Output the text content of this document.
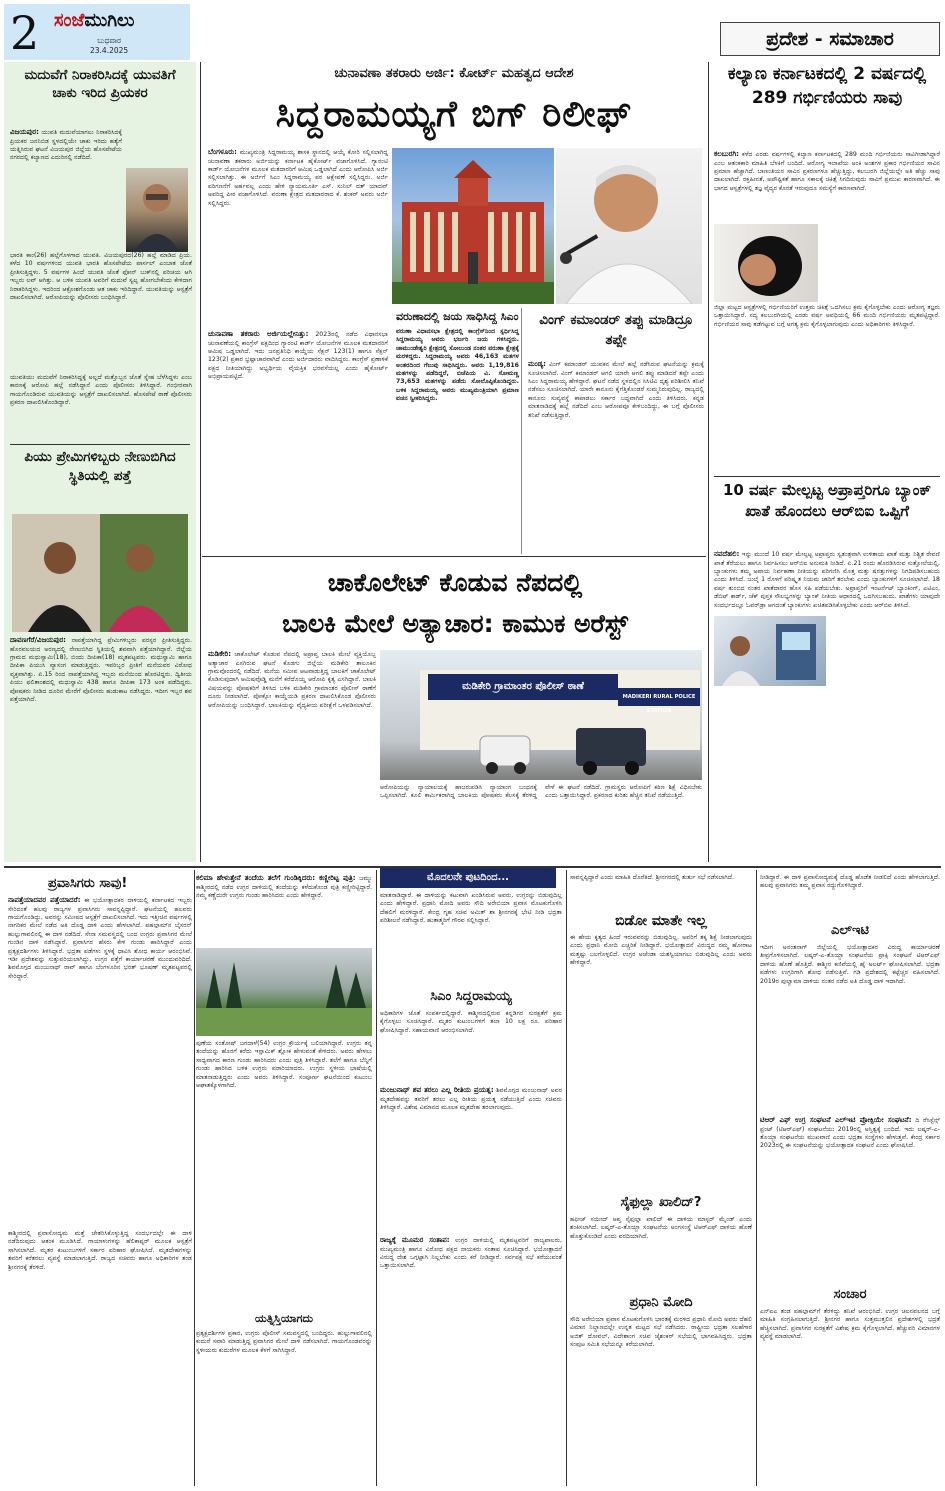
2 ಸಂಜೆಮುಗಿಲು
ಬುಧವಾರ
23.4.2025
ಪ್ರದೇಶ - ಸಮಾಚಾರ
ಮದುವೆಗೆ ನಿರಾಕರಿಸಿದಕ್ಕೆ ಯುವತಿಗೆ ಚಾಕು ಇರಿದ ಪ್ರಿಯಕರ
ವಿಜಯಪುರ: ಯುವತಿ ಮದುವೆಯಾಗಲು ನಿರಾಕರಿಸಿದಕ್ಕೆ ಪ್ರಿಯಕರ ಜನನಿಬಿಡ ಸ್ಥಳದಲ್ಲಿಯೇ ಚಾಕು ಇರಿದು ಹತ್ಯೆಗೆ ಯತ್ನಿಸಿರುವ ಘಟನೆ ವಿಜಯಪುರ ಜಿಲ್ಲೆಯ ಹೊಸಪೇಟೆಯ ನಗರದಲ್ಲಿ ಕಲ್ಯಾಣದ ಎದುರಿನಲ್ಲಿ ನಡೆದಿದೆ.
ಭಾರತಿ ಕಾಂ(26) ಹಲ್ಲೆಗೊಳಗಾದ ಯುವತಿ. ವಿಜಯಪುರದ(26) ಹಲ್ಲೆ ಮಾಡಿದ ಪ್ರಿಯ. ಕಳೆದ 10 ವರ್ಷಗಳಿಂದ ಯುವತಿ ಭಾರತಿ ಹೊಸಪೇಟೆಯ ಪಾರ್ಸಲ್ ಎಂಬಾತ ಜೊತೆ ಪ್ರೀತಿಸುತ್ತಿದ್ದಳು. 5 ವರ್ಷಗಳ ಹಿಂದೆ ಯುವತಿ ಜೊತೆ ಫೋನ್ ಬುಕ್‌ನಲ್ಲಿ ಪರಿಚಯ ಆಗಿ ಇಬ್ಬರು ಲವ್ ಆಗಿತ್ತು. ಆ ಬಳಿಕ ಯುವತಿ ಅವರಿಗೆ ಮದುವೆ ಸ್ವಲ್ಪ ಹೋಗಬೇಕೆಂದು ಕೇಳಿದಾಗ ನಿರಾಕರಿಸಿದ್ದಳು. ಇದರಿಂದ ಆಕ್ರೋಶಗೊಂಡು ಆತ ಚಾಕು ಇರಿದಿದ್ದಾನೆ. ಯುವತಿಯನ್ನು ಆಸ್ಪತ್ರೆಗೆ ದಾಖಲಿಸಲಾಗಿದೆ. ಆರೋಪಿಯನ್ನು ಪೊಲೀಸರು ಬಂಧಿಸಿದ್ದಾರೆ.
ಯುವತಿಯು ಮದುವೆಗೆ ನಿರಾಕರಿಸಿದ್ದಕ್ಕೆ ಅಲ್ಲದೆ ಮತ್ತೊಬ್ಬನ ಜೊತೆ ಸ್ನೇಹ ಬೆಳೆಸಿದ್ದಳು ಎಂಬ ಕಾರಣಕ್ಕೆ ಆರೋಪಿ ಹಲ್ಲೆ ನಡೆಸಿದ್ದಾನೆ ಎಂದು ಪೊಲೀಸರು ತಿಳಿಸಿದ್ದಾರೆ. ಗಂಭೀರವಾಗಿ ಗಾಯಗೊಂಡಿರುವ ಯುವತಿಯನ್ನು ಆಸ್ಪತ್ರೆಗೆ ದಾಖಲಿಸಲಾಗಿದೆ. ಹೊಸಪೇಟೆ ಠಾಣೆ ಪೊಲೀಸರು ಪ್ರಕರಣ ದಾಖಲಿಸಿಕೊಂಡಿದ್ದಾರೆ.
ಪಿಯು ಪ್ರೇಮಿಗಳಿಬ್ಬರು ನೇಣುಬಿಗಿದ ಸ್ಥಿತಿಯಲ್ಲಿ ಪತ್ತೆ
ದಾವಣಗೆರೆ/ವಿಜಯಪುರ: ನಾಪತ್ತೆಯಾಗಿದ್ದ ಪ್ರೇಮಿಗಳಿಬ್ಬರು ಪರಸ್ಪರ ಪ್ರೀತಿಸುತ್ತಿದ್ದರು. ಹೊರವಲಯದ ಅರಣ್ಯದಲ್ಲಿ ನೇಣುಬಿಗಿದ ಸ್ಥಿತಿಯಲ್ಲಿ ಶವವಾಗಿ ಪತ್ತೆಯಾಗಿದ್ದಾರೆ. ಜಿಲ್ಲೆಯ ಗ್ರಾಮದ ಮಧುಸ್ವಾಮಿ(18), ಬಿಂದು ದೀಪಿಕಾ(18) ಮೃತಪಟ್ಟವರು. ಮಧುಸ್ವಾಮಿ ಹಾಗೂ ದೀಪಿಕಾ ಪಿಯುಸಿ ವ್ಯಾಸಂಗ ಮಾಡುತ್ತಿದ್ದರು. ಇವರಿಬ್ಬರ ಪ್ರೀತಿಗೆ ಮನೆಯವರ ವಿರೋಧ ವ್ಯಕ್ತವಾಗಿತ್ತು. ಏ.15 ರಿಂದ ನಾಪತ್ತೆಯಾಗಿದ್ದ ಇಬ್ಬರು ಮನೆಯಿಂದ ಹೊರಟಿದ್ದರು. ದ್ವಿತೀಯ ಪಿಯು ಫಲಿತಾಂಶದಲ್ಲಿ ಮಧುಸ್ವಾಮಿ 438 ಹಾಗೂ ದೀಪಿಕಾ 173 ಅಂಕ ಪಡೆದಿದ್ದರು. ಪೋಷಕರು ನೀಡಿದ ದೂರಿನ ಮೇರೆಗೆ ಪೊಲೀಸರು ಹುಡುಕಾಟ ನಡೆಸಿದ್ದರು. ಇದೀಗ ಇಬ್ಬರ ಶವ ಪತ್ತೆಯಾಗಿದೆ.
ಚುನಾವಣಾ ತಕರಾರು ಅರ್ಜಿ: ಕೋರ್ಟ್ ಮಹತ್ವದ ಆದೇಶ
ಸಿದ್ದರಾಮಯ್ಯಗೆ ಬಿಗ್ ರಿಲೀಫ್
ಬೆಂಗಳೂರು: ಮುಖ್ಯಮಂತ್ರಿ ಸಿದ್ದರಾಮಯ್ಯ ಶಾಸಕ ಸ್ಥಾನದಲ್ಲಿ ಆಯ್ಕೆ ಕೋರಿ ಸಲ್ಲಿಸಲಾಗಿದ್ದ ಚುನಾವಣಾ ತಕರಾರು ಅರ್ಜಿಯನ್ನು ಕರ್ನಾಟಕ ಹೈಕೋರ್ಟ್ ವಜಾಗೊಳಿಸಿದೆ. ಗ್ಯಾರಂಟಿ ಕಾರ್ಡ್ ಯೋಜನೆಗಳ ಮೂಲಕ ಮತದಾರರಿಗೆ ಆಮಿಷ ಒಡ್ಡಲಾಗಿದೆ ಎಂದು ಆರೋಪಿಸಿ ಅರ್ಜಿ ಸಲ್ಲಿಸಲಾಗಿತ್ತು. ಈ ಅರ್ಜಿಗೆ ಸಿಎಂ ಸಿದ್ದರಾಮಯ್ಯ ಪರ ಆಕ್ಷೇಪಣೆ ಸಲ್ಲಿಸಿದ್ದರು. ಅರ್ಜಿ ಪರಿಗಣನೆಗೆ ಅರ್ಹವಲ್ಲ ಎಂದು ಹೇಳಿ ನ್ಯಾಯಮೂರ್ತಿ ಎಸ್. ಸುನಿಲ್ ದತ್ ಯಾದವ್ ಅವರಿದ್ದ ಪೀಠ ವಜಾಗೊಳಿಸಿದೆ. ವರುಣಾ ಕ್ಷೇತ್ರದ ಮತದಾರರಾದ ಕೆ. ಶಂಕರ್ ಅವರು ಅರ್ಜಿ ಸಲ್ಲಿಸಿದ್ದರು.
ಚುನಾವಣಾ ತಕರಾರು ಅರ್ಜಿಯಲ್ಲೇನಿತ್ತು: 2023ರಲ್ಲಿ ನಡೆದ ವಿಧಾನಸಭಾ ಚುನಾವಣೆಯಲ್ಲಿ ಕಾಂಗ್ರೆಸ್ ಪಕ್ಷದಿಂದ ಗ್ಯಾರಂಟಿ ಕಾರ್ಡ್ ಯೋಜನೆಗಳ ಮೂಲಕ ಮತದಾರರಿಗೆ ಆಮಿಷ ಒಡ್ಡಲಾಗಿದೆ. ಇದು ಜನಪ್ರತಿನಿಧಿ ಕಾಯ್ದೆಯ ಸೆಕ್ಷನ್ 123(1) ಹಾಗೂ ಸೆಕ್ಷನ್ 123(2) ಪ್ರಕಾರ ಭ್ರಷ್ಟಾಚಾರವಾಗಿದೆ ಎಂದು ಅರ್ಜಿದಾರರು ವಾದಿಸಿದ್ದರು. ಕಾಂಗ್ರೆಸ್ ಪ್ರಣಾಳಿಕೆ ಪಕ್ಷದ ನೀತಿಯಾಗಿದ್ದು ಅಭ್ಯರ್ಥಿಯ ವೈಯಕ್ತಿಕ ಭರವಸೆಯಲ್ಲ ಎಂದು ಹೈಕೋರ್ಟ್ ಅಭಿಪ್ರಾಯಪಟ್ಟಿದೆ.
ವರುಣಾದಲ್ಲಿ ಜಯ ಸಾಧಿಸಿದ್ದ ಸಿಎಂ
ವರುಣಾ ವಿಧಾನಸಭಾ ಕ್ಷೇತ್ರದಲ್ಲಿ ಕಾಂಗ್ರೆಸ್‌ನಿಂದ ಸ್ಪರ್ಧಿಸಿದ್ದ ಸಿದ್ದರಾಮಯ್ಯ ಅವರು ಭರ್ಜರಿ ಜಯ ಗಳಿಸಿದ್ದರು. ಚಾಮುಂಡೇಶ್ವರಿ ಕ್ಷೇತ್ರದಲ್ಲಿ ಸೋಲುಂಡ ನಂತರ ವರುಣಾ ಕ್ಷೇತ್ರಕ್ಕೆ ಮರಳಿದ್ದರು. ಸಿದ್ದರಾಮಯ್ಯ ಅವರು 46,163 ಮತಗಳ ಅಂತರದಿಂದ ಗೆಲುವು ಸಾಧಿಸಿದ್ದರು. ಅವರು 1,19,816 ಮತಗಳನ್ನು ಪಡೆದಿದ್ದರೆ, ಬಿಜೆಪಿಯ ವಿ. ಸೋಮಣ್ಣ 73,653 ಮತಗಳನ್ನು ಪಡೆದು ಸೋಲೊಪ್ಪಿಕೊಂಡಿದ್ದರು. ಬಳಿಕ ಸಿದ್ದರಾಮಯ್ಯ ಅವರು ಮುಖ್ಯಮಂತ್ರಿಯಾಗಿ ಪ್ರಮಾಣ ವಚನ ಸ್ವೀಕರಿಸಿದ್ದರು.
ವಿಂಗ್ ಕಮಾಂಡರ್ ತಪ್ಪು ಮಾಡಿದ್ರೂ ತಪ್ಪೇ
ಮಂಡ್ಯ: ವಿಂಗ್ ಕಮಾಂಡರ್ ಯುವಕನ ಮೇಲೆ ಹಲ್ಲೆ ನಡೆಸಿರುವ ಘಟನೆಯನ್ನು ಕ್ರಮಕ್ಕೆ ಸೂಚಿಸಲಾಗಿದೆ. ವಿಂಗ್ ಕಮಾಂಡರ್ ಆಗಲಿ ಯಾರೇ ಆಗಲಿ ತಪ್ಪು ಮಾಡಿದರೆ ತಪ್ಪೇ ಎಂದು ಸಿಎಂ ಸಿದ್ದರಾಮಯ್ಯ ಹೇಳಿದ್ದಾರೆ. ಘಟನೆ ನಡೆದ ಸ್ಥಳದಲ್ಲಿನ ಸಿಸಿಟಿವಿ ದೃಶ್ಯ ಪರಿಶೀಲಿಸಿ ತನಿಖೆ ನಡೆಸಲು ಸೂಚಿಸಲಾಗಿದೆ. ಯಾರೇ ಕಾನೂನು ಕೈಗೆತ್ತಿಕೊಂಡರೆ ಸುಮ್ಮನಿರುವುದಿಲ್ಲ. ರಾಜ್ಯದಲ್ಲಿ ಕಾನೂನು ಸುವ್ಯವಸ್ಥೆ ಕಾಪಾಡಲು ಸರ್ಕಾರ ಬದ್ಧವಾಗಿದೆ ಎಂದು ತಿಳಿಸಿದರು. ಕನ್ನಡ ಮಾತನಾಡಿದಕ್ಕೆ ಹಲ್ಲೆ ನಡೆದಿದೆ ಎಂಬ ಆರೋಪವೂ ಕೇಳಿಬಂದಿದ್ದು, ಈ ಬಗ್ಗೆ ಪೊಲೀಸರು ತನಿಖೆ ನಡೆಸುತ್ತಿದ್ದಾರೆ.
ಚಾಕೊಲೇಟ್ ಕೊಡುವ ನೆಪದಲ್ಲಿ
ಬಾಲಕಿ ಮೇಲೆ ಅತ್ಯಾಚಾರ: ಕಾಮುಕ ಅರೆಸ್ಟ್
ಮಡಿಕೇರಿ: ಚಾಕೊಲೇಟ್ ಕೊಡುವ ನೆಪದಲ್ಲಿ ಅಪ್ರಾಪ್ತ ಬಾಲಕಿ ಮೇಲೆ ವ್ಯಕ್ತಿಯೊಬ್ಬ ಅತ್ಯಾಚಾರ ಎಸಗಿರುವ ಘಟನೆ ಕೊಡಗು ಜಿಲ್ಲೆಯ ಮಡಿಕೇರಿ ತಾಲೂಕಿನ ಗ್ರಾಮವೊಂದರಲ್ಲಿ ನಡೆದಿದೆ. ಮನೆಯ ಸಮೀಪ ಆಟವಾಡುತ್ತಿದ್ದ ಬಾಲಕಿಗೆ ಚಾಕೊಲೇಟ್ ಕೊಡಿಸುವುದಾಗಿ ಆಮಿಷವೊಡ್ಡಿ ಮನೆಗೆ ಕರೆದೊಯ್ದ ಆರೋಪಿ ಕೃತ್ಯ ಎಸಗಿದ್ದಾನೆ. ಬಾಲಕಿ ವಿಷಯವನ್ನು ಪೋಷಕರಿಗೆ ತಿಳಿಸಿದ ಬಳಿಕ ಮಡಿಕೇರಿ ಗ್ರಾಮಾಂತರ ಪೊಲೀಸ್ ಠಾಣೆಗೆ ದೂರು ನೀಡಲಾಗಿದೆ. ಪೋಕ್ಸೋ ಕಾಯ್ದೆಯಡಿ ಪ್ರಕರಣ ದಾಖಲಿಸಿಕೊಂಡ ಪೊಲೀಸರು ಆರೋಪಿಯನ್ನು ಬಂಧಿಸಿದ್ದಾರೆ. ಬಾಲಕಿಯನ್ನು ವೈದ್ಯಕೀಯ ಪರೀಕ್ಷೆಗೆ ಒಳಪಡಿಸಲಾಗಿದೆ.
ಮಡಿಕೇರಿ ಗ್ರಾಮಾಂತರ ಪೊಲೀಸ್ ಠಾಣೆ
MADIKERI RURAL POLICE STATION
ಆರೋಪಿಯನ್ನು ನ್ಯಾಯಾಲಯಕ್ಕೆ ಹಾಜರುಪಡಿಸಿ ನ್ಯಾಯಾಂಗ ಬಂಧನಕ್ಕೆ ಒಪ್ಪಿಸಲಾಗಿದೆ. ಕೂಲಿ ಕಾರ್ಮಿಕರಾಗಿದ್ದ ಬಾಲಕಿಯ ಪೋಷಕರು ಕೆಲಸಕ್ಕೆ ತೆರಳಿದ್ದ ವೇಳೆ ಈ ಘಟನೆ ನಡೆದಿದೆ. ಗ್ರಾಮಸ್ಥರು ಆರೋಪಿಗೆ ಕಠಿಣ ಶಿಕ್ಷೆ ವಿಧಿಸಬೇಕು ಎಂದು ಒತ್ತಾಯಿಸಿದ್ದಾರೆ. ಪ್ರಕರಣದ ಕುರಿತು ಹೆಚ್ಚಿನ ತನಿಖೆ ನಡೆಯುತ್ತಿದೆ.
ಕಲ್ಯಾಣ ಕರ್ನಾಟಕದಲ್ಲಿ 2 ವರ್ಷದಲ್ಲಿ 289 ಗರ್ಭಿಣಿಯರು ಸಾವು
ಕಲಬುರಗಿ: ಕಳೆದ ಎರಡು ವರ್ಷಗಳಲ್ಲಿ ಕಲ್ಯಾಣ ಕರ್ನಾಟಕದಲ್ಲಿ 289 ಮಂದಿ ಗರ್ಭಿಣಿಯರು ಸಾವಿಗೀಡಾಗಿದ್ದಾರೆ ಎಂಬ ಆತಂಕಕಾರಿ ಮಾಹಿತಿ ಬೆಳಕಿಗೆ ಬಂದಿದೆ. ಆರೋಗ್ಯ ಇಲಾಖೆಯ ಅಂಕಿ ಅಂಶಗಳ ಪ್ರಕಾರ ಗರ್ಭಿಣಿಯರ ಸಾವಿನ ಪ್ರಮಾಣ ಹೆಚ್ಚಾಗಿದೆ. ಬಾಣಂತಿಯರ ಸಾವಿನ ಪ್ರಕರಣಗಳೂ ಹೆಚ್ಚುತ್ತಿದ್ದು, ಕಲಬುರಗಿ ಜಿಲ್ಲೆಯಲ್ಲೇ ಅತಿ ಹೆಚ್ಚು ಸಾವು ದಾಖಲಾಗಿದೆ. ರಕ್ತಹೀನತೆ, ಅಪೌಷ್ಟಿಕತೆ ಹಾಗೂ ಸಕಾಲಕ್ಕೆ ಚಿಕಿತ್ಸೆ ಸಿಗದಿರುವುದು ಸಾವಿಗೆ ಪ್ರಮುಖ ಕಾರಣವಾಗಿದೆ. ಈ ಭಾಗದ ಆಸ್ಪತ್ರೆಗಳಲ್ಲಿ ತಜ್ಞ ವೈದ್ಯರ ಕೊರತೆ ಇರುವುದೂ ಸಮಸ್ಯೆಗೆ ಕಾರಣವಾಗಿದೆ.
ಜಿಲ್ಲಾ ಮಟ್ಟದ ಆಸ್ಪತ್ರೆಗಳಲ್ಲಿ ಗರ್ಭಿಣಿಯರಿಗೆ ಉತ್ತಮ ಚಿಕಿತ್ಸೆ ಒದಗಿಸಲು ಕ್ರಮ ಕೈಗೊಳ್ಳಬೇಕು ಎಂದು ಆರೋಗ್ಯ ತಜ್ಞರು ಒತ್ತಾಯಿಸಿದ್ದಾರೆ. ಸದ್ಯ ಕಲಬುರಗಿಯಲ್ಲಿ ಎರಡು ವರ್ಷ ಅವಧಿಯಲ್ಲಿ 66 ಮಂದಿ ಗರ್ಭಿಣಿಯರು ಮೃತಪಟ್ಟಿದ್ದಾರೆ. ಗರ್ಭಿಣಿಯರ ಸಾವು ತಡೆಗಟ್ಟುವ ಬಗ್ಗೆ ಅಗತ್ಯ ಕ್ರಮ ಕೈಗೊಳ್ಳಲಾಗುವುದು ಎಂದು ಅಧಿಕಾರಿಗಳು ತಿಳಿಸಿದ್ದಾರೆ.
10 ವರ್ಷ ಮೇಲ್ಪಟ್ಟ ಅಪ್ರಾಪ್ತರಿಗೂ ಬ್ಯಾಂಕ್ ಖಾತೆ ಹೊಂದಲು ಆರ್‌ಬಿಐ ಒಪ್ಪಿಗೆ
ನವದೆಹಲಿ: ಇನ್ನು ಮುಂದೆ 10 ವರ್ಷ ಮೇಲ್ಪಟ್ಟ ಅಪ್ರಾಪ್ತರು ಸ್ವತಂತ್ರವಾಗಿ ಉಳಿತಾಯ ಖಾತೆ ಮತ್ತು ನಿಶ್ಚಿತ ಠೇವಣಿ ಖಾತೆ ತೆರೆಯಲು ಹಾಗೂ ನಿರ್ವಹಿಸಲು ಆರ್‌ಬಿಐ ಅನುಮತಿ ನೀಡಿದೆ. ಏ.21 ರಂದು ಹೊರಡಿಸಿರುವ ಸುತ್ತೋಲೆಯಲ್ಲಿ, ಬ್ಯಾಂಕುಗಳು ತಮ್ಮ ಅಪಾಯ ನಿರ್ವಹಣಾ ನೀತಿಯನ್ನು ಪರಿಗಣಿಸಿ ಮೊತ್ತ ಮತ್ತು ಷರತ್ತುಗಳನ್ನು ನಿಗದಿಪಡಿಸಬಹುದು ಎಂದು ತಿಳಿಸಿದೆ. ಜುಲೈ 1 ರೊಳಗೆ ಪರಿಷ್ಕೃತ ನಿಯಮ ಜಾರಿಗೆ ತರಬೇಕು ಎಂದು ಬ್ಯಾಂಕುಗಳಿಗೆ ಸೂಚಿಸಲಾಗಿದೆ. 18 ವರ್ಷ ತುಂಬಿದ ನಂತರ ಖಾತೆದಾರರ ಹೊಸ ಸಹಿ ಪಡೆಯಬೇಕು. ಅಪ್ರಾಪ್ತರಿಗೆ ಇಂಟರ್ನೆಟ್ ಬ್ಯಾಂಕಿಂಗ್, ಎಟಿಎಂ, ಡೆಬಿಟ್ ಕಾರ್ಡ್, ಚೆಕ್ ಪುಸ್ತಕ ಸೌಲಭ್ಯಗಳನ್ನು ಬ್ಯಾಂಕ್ ನೀತಿಯ ಆಧಾರದಲ್ಲಿ ಒದಗಿಸಬಹುದು. ಖಾತೆಗಳು ಯಾವುದೇ ಸಂದರ್ಭದಲ್ಲೂ ಓವರ್‌ಡ್ರಾ ಆಗದಂತೆ ಬ್ಯಾಂಕುಗಳು ಖಚಿತಪಡಿಸಿಕೊಳ್ಳಬೇಕು ಎಂದು ಆರ್‌ಬಿಐ ತಿಳಿಸಿದೆ.
ಪ್ರವಾಸಿಗರು ಸಾವು!
ನಾಪತ್ತೆಯಾದವರ ಪತ್ತೆಯಾದರೆ: ಈ ಭಯೋತ್ಪಾದಕರ ದಾಳಿಯಲ್ಲಿ ಕರ್ನಾಟಕದ ಇಬ್ಬರು ಸೇರಿದಂತೆ ಹಲವು ರಾಜ್ಯಗಳ ಪ್ರವಾಸಿಗರು ಸಾವನ್ನಪ್ಪಿದ್ದಾರೆ. ಘಟನೆಯಲ್ಲಿ ಹಲವರು ಗಾಯಗೊಂಡಿದ್ದು, ಅವರನ್ನು ಸಮೀಪದ ಆಸ್ಪತ್ರೆಗೆ ದಾಖಲಿಸಲಾಗಿದೆ. ಇದು ಇತ್ತೀಚಿನ ವರ್ಷಗಳಲ್ಲಿ ನಾಗರಿಕರ ಮೇಲೆ ನಡೆದ ಅತಿ ದೊಡ್ಡ ದಾಳಿ ಎಂದು ಹೇಳಲಾಗಿದೆ. ಪಹಲ್ಗಾಮ್‌ನ ಬೈಸರನ್ ಹುಲ್ಲುಗಾವಲಿನಲ್ಲಿ ಈ ದಾಳಿ ನಡೆದಿದೆ. ಸೇನಾ ಸಮವಸ್ತ್ರದಲ್ಲಿ ಬಂದ ಉಗ್ರರು ಪ್ರವಾಸಿಗರ ಮೇಲೆ ಗುಂಡಿನ ದಾಳಿ ನಡೆಸಿದ್ದಾರೆ. ಪ್ರವಾಸಿಗರ ಹೆಸರು ಕೇಳಿ ಗುಂಡು ಹಾರಿಸಿದ್ದಾರೆ ಎಂದು ಪ್ರತ್ಯಕ್ಷದರ್ಶಿಗಳು ತಿಳಿಸಿದ್ದಾರೆ. ಭದ್ರತಾ ಪಡೆಗಳು ಸ್ಥಳಕ್ಕೆ ಧಾವಿಸಿ ಶೋಧ ಕಾರ್ಯ ಆರಂಭಿಸಿವೆ. ಇಡೀ ಪ್ರದೇಶವನ್ನು ಸುತ್ತುವರಿಯಲಾಗಿದ್ದು, ಉಗ್ರರ ಪತ್ತೆಗೆ ಕಾರ್ಯಾಚರಣೆ ಮುಂದುವರಿದಿದೆ. ಶಿವಮೊಗ್ಗದ ಮಂಜುನಾಥ್ ರಾವ್ ಹಾಗೂ ಬೆಂಗಳೂರಿನ ಭರತ್ ಭೂಷಣ್ ಮೃತಪಟ್ಟವರಲ್ಲಿ ಸೇರಿದ್ದಾರೆ.
ಕಾಶ್ಮೀರದಲ್ಲಿ ಪ್ರವಾಸೋದ್ಯಮ ಮತ್ತೆ ಚೇತರಿಸಿಕೊಳ್ಳುತ್ತಿದ್ದ ಸಂದರ್ಭದಲ್ಲೇ ಈ ದಾಳಿ ನಡೆದಿರುವುದು ಆತಂಕ ಮೂಡಿಸಿದೆ. ಗಾಯಾಳುಗಳನ್ನು ಹೆಲಿಕಾಪ್ಟರ್ ಮೂಲಕ ಆಸ್ಪತ್ರೆಗೆ ಸಾಗಿಸಲಾಗಿದೆ. ಮೃತರ ಕುಟುಂಬಗಳಿಗೆ ಸರ್ಕಾರ ಪರಿಹಾರ ಘೋಷಿಸಿದೆ. ಮೃತದೇಹಗಳನ್ನು ತವರಿಗೆ ಕರೆತರಲು ವ್ಯವಸ್ಥೆ ಮಾಡಲಾಗುತ್ತಿದೆ. ರಾಜ್ಯದ ಸಚಿವರು ಹಾಗೂ ಅಧಿಕಾರಿಗಳ ತಂಡ ಶ್ರೀನಗರಕ್ಕೆ ತೆರಳಿದೆ.
ಕಲಿಮಾ ಹೇಳುತ್ತೇನೆ ತಂದೆಯ ತಲೆಗೆ ಗುಂಡಿಕ್ಕಿದರು: ಕಣ್ಣೀರಿಟ್ಟ ಪುತ್ರಿ: ಜಮ್ಮು ಕಾಶ್ಮೀರದಲ್ಲಿ ನಡೆದ ಉಗ್ರರ ದಾಳಿಯಲ್ಲಿ ತಂದೆಯನ್ನು ಕಳೆದುಕೊಂಡ ಪುತ್ರಿ ಕಣ್ಣೀರಿಟ್ಟಿದ್ದಾರೆ. ನಮ್ಮ ಕಣ್ಣೆದುರೇ ಉಗ್ರರು ಗುಂಡು ಹಾರಿಸಿದರು ಎಂದು ಹೇಳಿದ್ದಾರೆ.
ಪುಣೆಯ ಸಂತೋಷ್ ಜಗದಾಳೆ(54) ಉಗ್ರರ ಕ್ರೌರ್ಯಕ್ಕೆ ಬಲಿಯಾಗಿದ್ದಾರೆ. ಉಗ್ರರು ತನ್ನ ತಂದೆಯನ್ನು ಹೊರಗೆ ಕರೆದು ಇಸ್ಲಾಮಿಕ್ ಶ್ಲೋಕ ಹೇಳುವಂತೆ ಕೇಳಿದರು. ಅವರು ಹೇಳಲು ಸಾಧ್ಯವಾಗದ ಕಾರಣ ಗುಂಡು ಹಾರಿಸಿದರು ಎಂದು ಪುತ್ರಿ ತಿಳಿಸಿದ್ದಾರೆ. ತಲೆಗೆ ಹಾಗೂ ಬೆನ್ನಿಗೆ ಗುಂಡು ಹಾರಿಸಿದ ಬಳಿಕ ಉಗ್ರರು ಪರಾರಿಯಾದರು. ಉಗ್ರರು ಸ್ಥಳೀಯ ಭಾಷೆಯಲ್ಲಿ ಮಾತನಾಡುತ್ತಿದ್ದರು ಎಂದು ಅವರು ತಿಳಿಸಿದ್ದಾರೆ. ಸಂಪೂರ್ಣ ಘಟನೆಯಿಂದ ಕುಟುಂಬ ಆಘಾತಕ್ಕೊಳಗಾಗಿದೆ.
ಯತ್ನಿಸ್ತಿಯಾಗದು
ಪ್ರತ್ಯಕ್ಷದರ್ಶಿಗಳ ಪ್ರಕಾರ, ಉಗ್ರರು ಪೊಲೀಸ್ ಸಮವಸ್ತ್ರದಲ್ಲಿ ಬಂದಿದ್ದರು. ಹುಲ್ಲುಗಾವಲಿನಲ್ಲಿ ಕುದುರೆ ಸವಾರಿ ಮಾಡುತ್ತಿದ್ದ ಪ್ರವಾಸಿಗರ ಮೇಲೆ ದಾಳಿ ನಡೆಸಲಾಗಿದೆ. ಗಾಯಗೊಂಡವರನ್ನು ಸ್ಥಳೀಯರು ಕುದುರೆಗಳ ಮೂಲಕ ಕೆಳಗೆ ಸಾಗಿಸಿದ್ದಾರೆ.
ಮೊದಲನೇ ಪುಟದಿಂದ...
ಮಾತನಾಡಿದ್ದಾರೆ. ಈ ದಾಳಿಯನ್ನು ಕಟುವಾಗಿ ಖಂಡಿಸಿರುವ ಅವರು, ಉಗ್ರರನ್ನು ಬಿಡುವುದಿಲ್ಲ ಎಂದು ಹೇಳಿದ್ದಾರೆ. ಪ್ರಧಾನಿ ಮೋದಿ ಅವರು ಸೌದಿ ಅರೇಬಿಯಾ ಪ್ರವಾಸ ಮೊಟಕುಗೊಳಿಸಿ ದೆಹಲಿಗೆ ಮರಳಿದ್ದಾರೆ. ಕೇಂದ್ರ ಗೃಹ ಸಚಿವ ಅಮಿತ್ ಶಾ ಶ್ರೀನಗರಕ್ಕೆ ಭೇಟಿ ನೀಡಿ ಭದ್ರತಾ ಪರಿಶೀಲನೆ ನಡೆಸಿದ್ದಾರೆ. ಹುತಾತ್ಮರಿಗೆ ಗೌರವ ಸಲ್ಲಿಸಿದ್ದಾರೆ.
ಸಿಎಂ ಸಿದ್ದರಾಮಯ್ಯ
ಅಧಿಕಾರಿಗಳ ಜೊತೆ ಸಂಪರ್ಕದಲ್ಲಿದ್ದಾರೆ. ಕಾಶ್ಮೀರದಲ್ಲಿರುವ ಕನ್ನಡಿಗರ ಸುರಕ್ಷತೆಗೆ ಕ್ರಮ ಕೈಗೊಳ್ಳಲು ಸೂಚಿಸಿದ್ದಾರೆ. ಮೃತರ ಕುಟುಂಬಗಳಿಗೆ ತಲಾ 10 ಲಕ್ಷ ರೂ. ಪರಿಹಾರ ಘೋಷಿಸಿದ್ದಾರೆ. ಸಹಾಯವಾಣಿ ಆರಂಭಿಸಲಾಗಿದೆ.
ಮಂಜುನಾಥ್ ಶವ ತರಲು ಎಲ್ಲ ರೀತಿಯ ಪ್ರಯತ್ನ: ಶಿವಮೊಗ್ಗದ ಮಂಜುನಾಥ್ ಅವರ ಮೃತದೇಹವನ್ನು ತವರಿಗೆ ತರಲು ಎಲ್ಲ ರೀತಿಯ ಪ್ರಯತ್ನ ನಡೆಯುತ್ತಿದೆ ಎಂದು ಸಚಿವರು ತಿಳಿಸಿದ್ದಾರೆ. ವಿಶೇಷ ವಿಮಾನದ ಮೂಲಕ ಮೃತದೇಹ ತರಲಾಗುವುದು.
ರಾಜ್ಯಕ್ಕೆ ಮೂಮರ ಸಂತಾಪ: ಉಗ್ರರ ದಾಳಿಯಲ್ಲಿ ಮೃತಪಟ್ಟವರಿಗೆ ರಾಜ್ಯಪಾಲರು, ಮುಖ್ಯಮಂತ್ರಿ ಹಾಗೂ ವಿರೋಧ ಪಕ್ಷದ ನಾಯಕರು ಸಂತಾಪ ಸೂಚಿಸಿದ್ದಾರೆ. ಭಯೋತ್ಪಾದನೆ ವಿರುದ್ಧ ದೇಶ ಒಗ್ಗಟ್ಟಾಗಿ ನಿಲ್ಲಬೇಕು ಎಂದು ಕರೆ ನೀಡಿದ್ದಾರೆ. ಸರ್ವಪಕ್ಷ ಸಭೆ ಕರೆಯುವಂತೆ ಒತ್ತಾಯಿಸಲಾಗಿದೆ.
ಸಾವನ್ನಪ್ಪಿದ್ದಾರೆ ಎಂದು ಮಾಹಿತಿ ದೊರೆತಿದೆ. ಶ್ರೀನಗರದಲ್ಲಿ ತುರ್ತು ಸಭೆ ನಡೆಸಲಾಗಿದೆ.
ಬಿಡೋ ಮಾತೇ ಇಲ್ಲ
ಈ ಹೇಯ ಕೃತ್ಯದ ಹಿಂದೆ ಇರುವವರನ್ನು ಬಿಡುವುದಿಲ್ಲ. ಅವರಿಗೆ ತಕ್ಕ ಶಿಕ್ಷೆ ನೀಡಲಾಗುವುದು ಎಂದು ಪ್ರಧಾನಿ ಮೋದಿ ಎಚ್ಚರಿಕೆ ನೀಡಿದ್ದಾರೆ. ಭಯೋತ್ಪಾದನೆ ವಿರುದ್ಧದ ನಮ್ಮ ಹೋರಾಟ ಮತ್ತಷ್ಟು ಬಲಗೊಳ್ಳಲಿದೆ. ಉಗ್ರರ ಅಜೆಂಡಾ ಯಶಸ್ವಿಯಾಗಲು ಬಿಡುವುದಿಲ್ಲ ಎಂದು ಅವರು ಹೇಳಿದ್ದಾರೆ.
ಸೈಫುಲ್ಲಾ ಖಾಲಿದ್?
ಹಫೀಜ್ ಸಯೀದ್ ಆಪ್ತ ಸೈಫುಲ್ಲಾ ಖಾಲಿದ್ ಈ ದಾಳಿಯ ಮಾಸ್ಟರ್ ಮೈಂಡ್ ಎಂದು ಶಂಕಿಸಲಾಗಿದೆ. ಲಷ್ಕರ್-ಎ-ತೊಯ್ಬಾ ಸಂಘಟನೆಯ ಅಂಗಸಂಸ್ಥೆ ಟಿಆರ್‌ಎಫ್ ದಾಳಿಯ ಹೊಣೆ ಹೊತ್ತುಕೊಂಡಿದೆ ಎಂದು ವರದಿಯಾಗಿದೆ.
ಪ್ರಧಾನಿ ಮೋದಿ
ಸೌದಿ ಅರೇಬಿಯಾ ಪ್ರವಾಸ ಮೊಟಕುಗೊಳಿಸಿ ಭಾರತಕ್ಕೆ ಮರಳಿದ ಪ್ರಧಾನಿ ಮೋದಿ ಅವರು ದೆಹಲಿ ವಿಮಾನ ನಿಲ್ದಾಣದಲ್ಲೇ ಉನ್ನತ ಮಟ್ಟದ ಸಭೆ ನಡೆಸಿದರು. ರಾಷ್ಟ್ರೀಯ ಭದ್ರತಾ ಸಲಹೆಗಾರ ಅಜಿತ್ ದೋವಲ್, ವಿದೇಶಾಂಗ ಸಚಿವ ಜೈಶಂಕರ್ ಸಭೆಯಲ್ಲಿ ಭಾಗವಹಿಸಿದ್ದರು. ಭದ್ರತಾ ಸಂಪುಟ ಸಮಿತಿ ಸಭೆಯನ್ನೂ ಕರೆಯಲಾಗಿದೆ.
ನೀಡಿದ್ದಾರೆ. ಈ ದಾಳಿ ಪ್ರವಾಸೋದ್ಯಮಕ್ಕೆ ದೊಡ್ಡ ಹೊಡೆತ ನೀಡಲಿದೆ ಎಂದು ಹೇಳಲಾಗುತ್ತಿದೆ. ಹಲವು ಪ್ರವಾಸಿಗರು ತಮ್ಮ ಪ್ರವಾಸ ರದ್ದುಗೊಳಿಸಿದ್ದಾರೆ.
ಎಲ್ಇಟಿ
ಇದೀಗ ಅನಂತನಾಗ್ ಜಿಲ್ಲೆಯಲ್ಲಿ ಭಯೋತ್ಪಾದಕರ ವಿರುದ್ಧ ಕಾರ್ಯಾಚರಣೆ ತೀವ್ರಗೊಳಿಸಲಾಗಿದೆ. ಲಷ್ಕರ್-ಎ-ತೊಯ್ಬಾ ಸಂಘಟನೆಯ ಪ್ರಾಕ್ಸಿ ಸಂಘಟನೆ ಟಿಆರ್‌ಎಫ್ ದಾಳಿಯ ಹೊಣೆ ಹೊತ್ತಿದೆ. ಕಾಶ್ಮೀರ ಕಣಿವೆಯಲ್ಲಿ ಹೈ ಅಲರ್ಟ್ ಘೋಷಿಸಲಾಗಿದೆ. ಭದ್ರತಾ ಪಡೆಗಳು ಉಗ್ರರಿಗಾಗಿ ಶೋಧ ನಡೆಸುತ್ತಿವೆ. ಗಡಿ ಪ್ರದೇಶದಲ್ಲಿ ಕಟ್ಟೆಚ್ಚರ ವಹಿಸಲಾಗಿದೆ. 2019ರ ಪುಲ್ವಾಮಾ ದಾಳಿಯ ನಂತರ ನಡೆದ ಅತಿ ದೊಡ್ಡ ದಾಳಿ ಇದಾಗಿದೆ.
ಟಿಆರ್ ಎಫ್ ಉಗ್ರ ಸಂಘಟನೆ ಎಲ್ಇಟಿ ಪ್ರೋಕ್ಸಿಯೇ ಸಂಘಟನೆ: ದಿ ರೆಸಿಸ್ಟೆನ್ಸ್ ಫ್ರಂಟ್ (ಟಿಆರ್‌ಎಫ್) ಸಂಘಟನೆಯು 2019ರಲ್ಲಿ ಅಸ್ತಿತ್ವಕ್ಕೆ ಬಂದಿದೆ. ಇದು ಲಷ್ಕರ್-ಎ-ತೊಯ್ಬಾ ಸಂಘಟನೆಯ ಮುಖವಾಣಿ ಎಂದು ಭದ್ರತಾ ಸಂಸ್ಥೆಗಳು ಹೇಳುತ್ತವೆ. ಕೇಂದ್ರ ಸರ್ಕಾರ 2023ರಲ್ಲಿ ಈ ಸಂಘಟನೆಯನ್ನು ಭಯೋತ್ಪಾದಕ ಸಂಘಟನೆ ಎಂದು ಘೋಷಿಸಿದೆ.
ಸಂಚಾರ
ಎನ್‌ಐಎ ತಂಡ ಪಹಲ್ಗಾಮ್‌ಗೆ ತೆರಳಿದ್ದು ತನಿಖೆ ಆರಂಭಿಸಿದೆ. ಉಗ್ರರ ಚಲನವಲನದ ಬಗ್ಗೆ ಮಾಹಿತಿ ಸಂಗ್ರಹಿಸಲಾಗುತ್ತಿದೆ. ಶ್ರೀನಗರ ಹಾಗೂ ಸುತ್ತಮುತ್ತಲಿನ ಪ್ರದೇಶಗಳಲ್ಲಿ ಭದ್ರತೆ ಹೆಚ್ಚಿಸಲಾಗಿದೆ. ಪ್ರವಾಸಿಗರ ಸುರಕ್ಷತೆಗೆ ವಿಶೇಷ ಕ್ರಮ ಕೈಗೊಳ್ಳಲಾಗಿದೆ. ಹೆಚ್ಚುವರಿ ವಿಮಾನಗಳ ವ್ಯವಸ್ಥೆ ಮಾಡಲಾಗಿದೆ.
